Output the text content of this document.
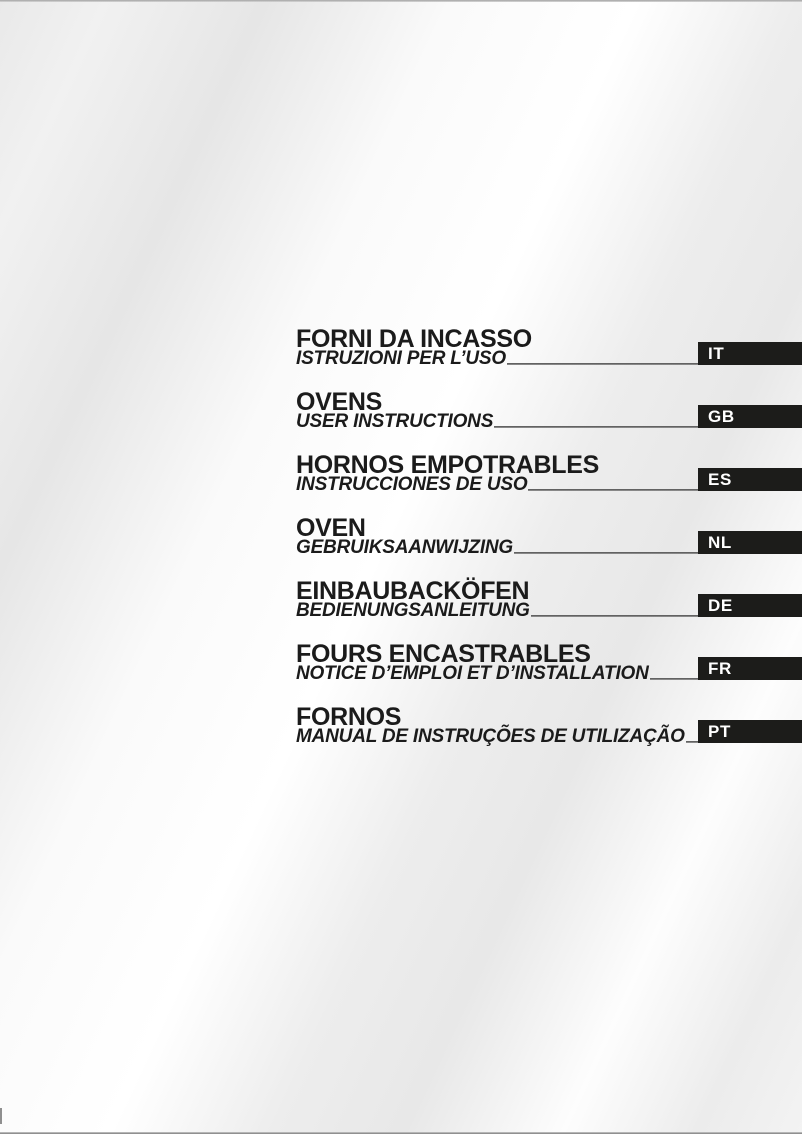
FORNI DA INCASSO
ISTRUZIONI PER L’USO	IT
OVENS
USER INSTRUCTIONS	GB
HORNOS EMPOTRABLES
INSTRUCCIONES DE USO	ES
OVEN
GEBRUIKSAANWIJZING	NL
EINBAUBACKÖFEN
BEDIENUNGSANLEITUNG	DE
FOURS ENCASTRABLES
NOTICE D’EMPLOI ET D’INSTALLATION	FR
FORNOS
MANUAL DE INSTRUÇÕES DE UTILIZAÇÃO	PT
